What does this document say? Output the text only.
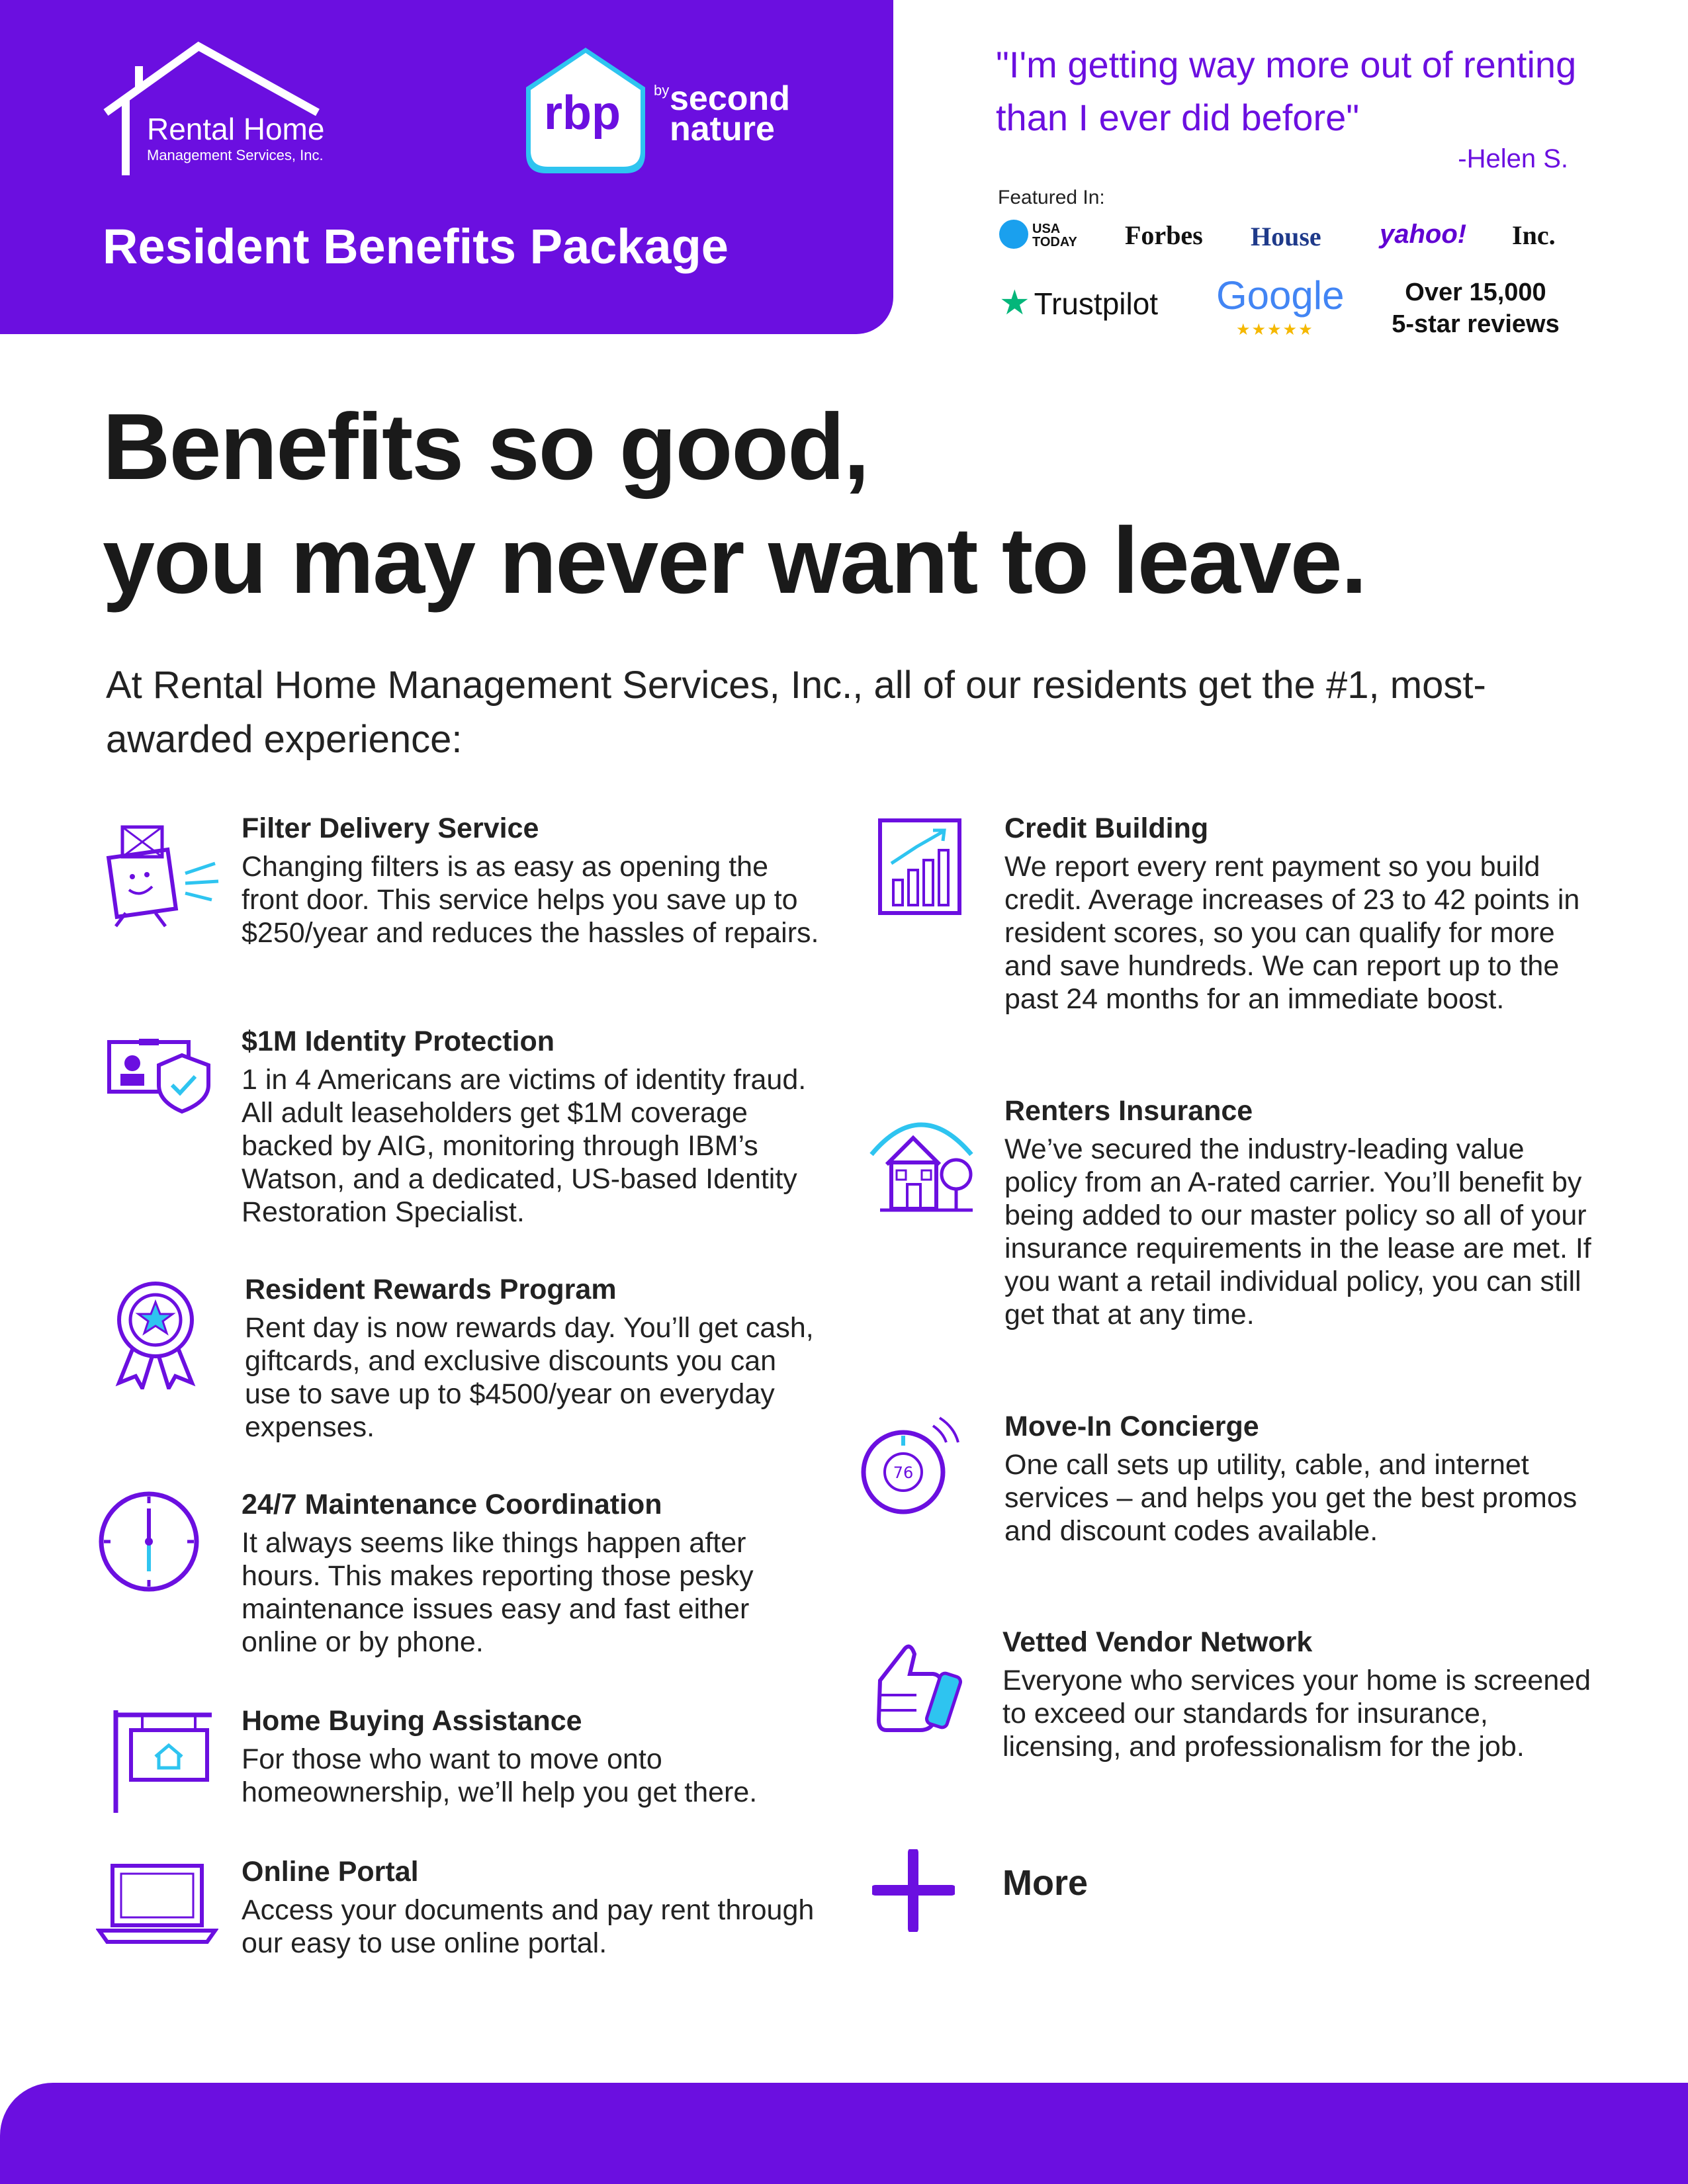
Rental Home
Management Services, Inc.
rbp	by second nature
Resident Benefits Package
"I'm getting way more out of renting than I ever did before"
-Helen S.
Featured In:
USA TODAY Forbes House yahoo! Inc.
★ Trustpilot Google
★★★★★
Over 15,000
5-star reviews
Benefits so good,
you may never want to leave.
At Rental Home Management Services, Inc., all of our residents get the #1, most-awarded experience:
Filter Delivery Service
Changing filters is as easy as opening the front door. This service helps you save up to $250/year and reduces the hassles of repairs.
$1M Identity Protection
1 in 4 Americans are victims of identity fraud. All adult leaseholders get $1M coverage backed by AIG, monitoring through IBM’s Watson, and a dedicated, US-based Identity Restoration Specialist.
Resident Rewards Program
Rent day is now rewards day. You’ll get cash, giftcards, and exclusive discounts you can use to save up to $4500/year on everyday expenses.
24/7 Maintenance Coordination
It always seems like things happen after hours. This makes reporting those pesky maintenance issues easy and fast either online or by phone.
Home Buying Assistance
For those who want to move onto homeownership, we’ll help you get there.
Online Portal
Access your documents and pay rent through our easy to use online portal.
Credit Building
We report every rent payment so you build credit. Average increases of 23 to 42 points in resident scores, so you can qualify for more and save hundreds. We can report up to the past 24 months for an immediate boost.
Renters Insurance
We’ve secured the industry-leading value policy from an A-rated carrier. You’ll benefit by being added to our master policy so all of your insurance requirements in the lease are met. If you want a retail individual policy, you can still get that at any time.
76
Move-In Concierge
One call sets up utility, cable, and internet services – and helps you get the best promos and discount codes available.
Vetted Vendor Network
Everyone who services your home is screened to exceed our standards for insurance, licensing, and professionalism for the job.
More
